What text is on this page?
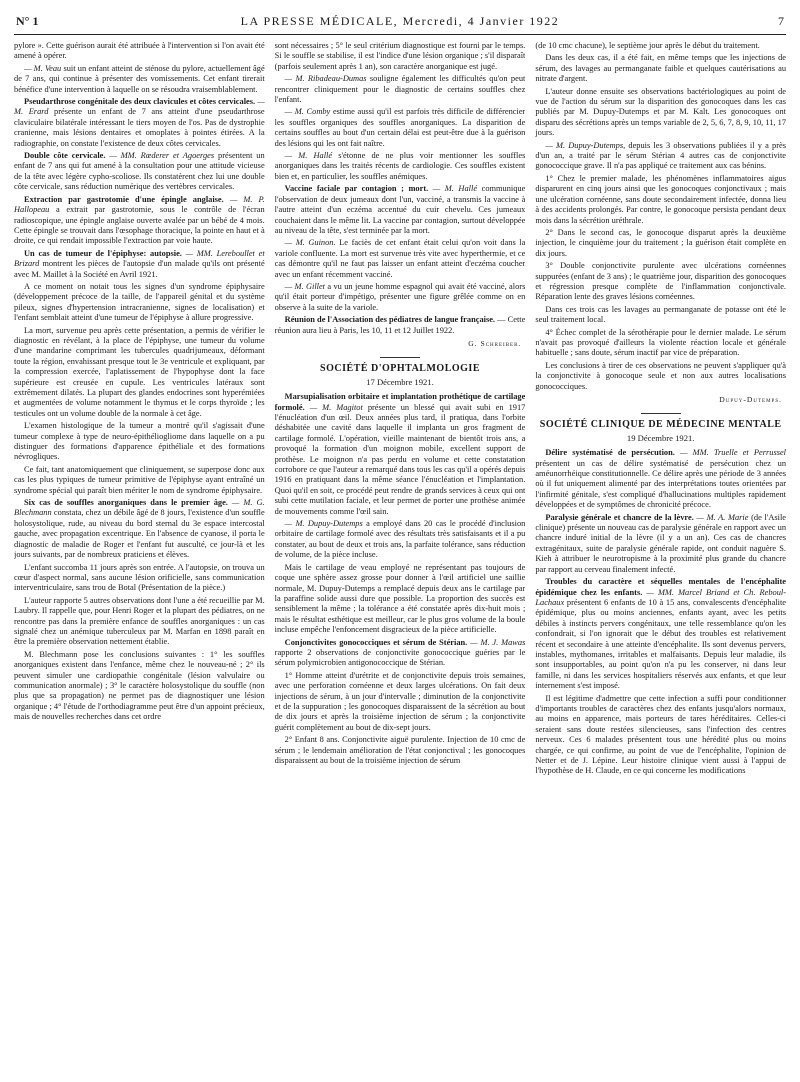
N° 1	LA PRESSE MÉDICALE, Mercredi, 4 Janvier 1922	7

pylore ». Cette guérison aurait été attribuée à l'intervention si l'on avait été amené à opérer.

— M. Veau suit un enfant atteint de sténose du pylore, actuellement âgé de 7 ans, qui continue à présenter des vomissements. Cet enfant tirerait bénéfice d'une intervention à laquelle on se résoudra vraisemblablement.

Pseudarthrose congénitale des deux clavicules et côtes cervicales. — M. Erard présente un enfant de 7 ans atteint d'une pseudarthrose claviculaire bilatérale intéressant le tiers moyen de l'os. Pas de dystrophie cranienne, mais lésions dentaires et omoplates à pointes étirées. A la radiographie, on constate l'existence de deux côtes cervicales.

Double côte cervicale. — MM. Rœderer et Agoerges présentent un enfant de 7 ans qui fut amené à la consultation pour une attitude vicieuse de la tête avec légère cypho-scoliose. Ils constatèrent chez lui une double côte cervicale, sans réduction numérique des vertèbres cervicales.

Extraction par gastrotomie d'une épingle anglaise. — M. P. Hallopeau a extrait par gastrotomie, sous le contrôle de l'écran radioscopique, une épingle anglaise ouverte avalée par un bébé de 4 mois. Cette épingle se trouvait dans l'œsophage thoracique, la pointe en haut et à droite, ce qui rendait impossible l'extraction par voie haute.

Un cas de tumeur de l'épiphyse: autopsie. — MM. Lereboullet et Brizard montrent les pièces de l'autopsie d'un malade qu'ils ont présenté avec M. Maillet à la Société en Avril 1921.

A ce moment on notait tous les signes d'un syndrome épiphysaire (développement précoce de la taille, de l'appareil génital et du système pileux, signes d'hypertension intracranienne, signes de localisation) et l'enfant semblait atteint d'une tumeur de l'épiphyse à allure progressive.

La mort, survenue peu après cette présentation, a permis de vérifier le diagnostic en révélant, à la place de l'épiphyse, une tumeur du volume d'une mandarine comprimant les tubercules quadrijumeaux, déformant toute la région, envahissant presque tout le 3e ventricule et expliquant, par la compression exercée, l'aplatissement de l'hypophyse dont la face supérieure est creusée en cupule. Les ventricules latéraux sont extrêmement dilatés. La plupart des glandes endocrines sont hyperémiées et augmentées de volume notamment le thymus et le corps thyroïde ; les testicules ont un volume double de la normale à cet âge.

L'examen histologique de la tumeur a montré qu'il s'agissait d'une tumeur complexe à type de neuro-épithéliogliome dans laquelle on a pu distinguer des formations d'apparence épithéliale et des formations névrogliques.

Ce fait, tant anatomiquement que cliniquement, se superpose donc aux cas les plus typiques de tumeur primitive de l'épiphyse ayant entraîné un syndrome spécial qui paraît bien mériter le nom de syndrome épiphysaire.

Six cas de souffles anorganiques dans le premier âge. — M. G. Blechmann constata, chez un débile âgé de 8 jours, l'existence d'un souffle holosystolique, rude, au niveau du bord sternal du 3e espace intercostal gauche, avec propagation excentrique. En l'absence de cyanose, il porta le diagnostic de maladie de Roger et l'enfant fut ausculté, ce jour-là et les jours suivants, par de nombreux praticiens et élèves.

L'enfant succomba 11 jours après son entrée. A l'autopsie, on trouva un cœur d'aspect normal, sans aucune lésion orificielle, sans communication interventriculaire, sans trou de Botal (Présentation de la pièce.)

L'auteur rapporte 5 autres observations dont l'une a été recueillie par M. Laubry. Il rappelle que, pour Henri Roger et la plupart des pédiatres, on ne rencontre pas dans la première enfance de souffles anorganiques : un cas signalé chez un anémique tuberculeux par M. Marfan en 1898 paraît en être la première observation nettement établie.

M. Blechmann pose les conclusions suivantes : 1° les souffles anorganiques existent dans l'enfance, même chez le nouveau-né ; 2° ils peuvent simuler une cardiopathie congénitale (lésion valvulaire ou communication anormale) ; 3° le caractère holosystolique du souffle (non plus que sa propagation) ne permet pas de diagnostiquer une lésion organique ; 4° l'étude de l'orthodiagramme peut être d'un appoint précieux, mais de nouvelles recherches dans cet ordre

sont nécessaires ; 5° le seul critérium diagnostique est fourni par le temps. Si le souffle se stabilise, il est l'indice d'une lésion organique ; s'il disparaît (parfois seulement après 1 an), son caractère anorganique est jugé.

— M. Ribadeau-Dumas souligne également les difficultés qu'on peut rencontrer cliniquement pour le diagnostic de certains souffles chez l'enfant.

— M. Comby estime aussi qu'il est parfois très difficile de différencier les souffles organiques des souffles anorganiques. La disparition de certains souffles au bout d'un certain délai est peut-être due à la guérison des lésions qui les ont fait naître.

— M. Hallé s'étonne de ne plus voir mentionner les souffles anorganiques dans les traités récents de cardiologie. Ces souffles existent bien et, en particulier, les souffles anémiques.

Vaccine faciale par contagion ; mort. — M. Hallé communique l'observation de deux jumeaux dont l'un, vacciné, a transmis la vaccine à l'autre atteint d'un eczéma accentué du cuir chevelu. Ces jumeaux couchaient dans le même lit. La vaccine par contagion, surtout développée au niveau de la tête, s'est terminée par la mort.

— M. Guinon. Le faciès de cet enfant était celui qu'on voit dans la variole confluente. La mort est survenue très vite avec hyperthermie, et ce cas démontre qu'il ne faut pas laisser un enfant atteint d'eczéma coucher avec un enfant récemment vacciné.

— M. Gillet a vu un jeune homme espagnol qui avait été vacciné, alors qu'il était porteur d'impétigo, présenter une figure grêlée comme on en observe à la suite de la variole.

Réunion de l'Association des pédiatres de langue française. — Cette réunion aura lieu à Paris, les 10, 11 et 12 Juillet 1922.

G. Schreiber.
SOCIÉTÉ D'OPHTALMOLOGIE
17 Décembre 1921.

Marsupialisation orbitaire et implantation prothétique de cartilage formolé. — M. Magitot présente un blessé qui avait subi en 1917 l'énucléation d'un œil. Deux années plus tard, il pratiqua, dans l'orbite déshabitée une cavité dans laquelle il implanta un gros fragment de cartilage formolé. L'opération, vieille maintenant de bientôt trois ans, a provoqué la formation d'un moignon mobile, excellent support de prothèse. Le moignon n'a pas perdu en volume et cette constatation corrobore ce que l'auteur a remarqué dans tous les cas qu'il a opérés depuis 1916 en pratiquant dans la même séance l'énucléation et l'implantation. Quoi qu'il en soit, ce procédé peut rendre de grands services à ceux qui ont subi cette mutilation faciale, et leur permet de porter une prothèse animée de mouvements comme l'œil sain.

— M. Dupuy-Dutemps a employé dans 20 cas le procédé d'inclusion orbitaire de cartilage formolé avec des résultats très satisfaisants et il a pu constater, au bout de deux et trois ans, la parfaite tolérance, sans réduction de volume, de la pièce incluse.

Mais le cartilage de veau employé ne représentant pas toujours de coque une sphère assez grosse pour donner à l'œil artificiel une saillie normale, M. Dupuy-Dutemps a remplacé depuis deux ans le cartilage par la paraffine solide aussi dure que possible. La proportion des succès est sensiblement la même ; la tolérance a été constatée après dix-huit mois ; mais le résultat esthétique est meilleur, car le plus gros volume de la boule incluse empêche l'enfoncement disgracieux de la pièce artificielle.

Conjonctivites gonococciques et sérum de Stérian. — M. J. Mawas rapporte 2 observations de conjonctivite gonococcique guéries par le sérum polymicrobien antigonococcique de Stérian.

1° Homme atteint d'urétrite et de conjonctivite depuis trois semaines, avec une perforation cornéenne et deux larges ulcérations. On fait deux injections de sérum, à un jour d'intervalle ; diminution de la conjonctivite et de la suppuration ; les gonocoques disparaissent de la sécrétion au bout de dix jours et après la troisième injection de sérum ; la conjonctivite guérit complètement au bout de dix-sept jours.

2° Enfant 8 ans. Conjonctivite aiguë purulente. Injection de 10 cmc de sérum ; le lendemain amélioration de l'état conjonctival ; les gonocoques disparaissent au bout de la troisième injection de sérum

(de 10 cmc chacune), le septième jour après le début du traitement.

Dans les deux cas, il a été fait, en même temps que les injections de sérum, des lavages au permanganate faible et quelques cautérisations au nitrate d'argent.

L'auteur donne ensuite ses observations bactériologiques au point de vue de l'action du sérum sur la disparition des gonocoques dans les cas publiés par M. Dupuy-Dutemps et par M. Kalt. Les gonocoques ont disparu des sécrétions après un temps variable de 2, 5, 6, 7, 8, 9, 10, 11, 17 jours.

— M. Dupuy-Dutemps, depuis les 3 observations publiées il y a près d'un an, a traité par le sérum Stérian 4 autres cas de conjonctivite gonococcique grave. Il n'a pas appliqué ce traitement aux cas bénins.

1° Chez le premier malade, les phénomènes inflammatoires aigus disparurent en cinq jours ainsi que les gonocoques conjonctivaux ; mais une ulcération cornéenne, sans doute secondairement infectée, donna lieu à des accidents prolongés. Par contre, le gonocoque persista pendant deux mois dans la sécrétion uréthrale.

2° Dans le second cas, le gonocoque disparut après la deuxième injection, le cinquième jour du traitement ; la guérison était complète en dix jours.

3° Double conjonctivite purulente avec ulcérations cornéennes suppurées (enfant de 3 ans) ; le quatrième jour, disparition des gonocoques et régression presque complète de l'inflammation conjonctivale. Réparation lente des graves lésions cornéennes.

Dans ces trois cas les lavages au permanganate de potasse ont été le seul traitement local.

4° Échec complet de la sérothérapie pour le dernier malade. Le sérum n'avait pas provoqué d'ailleurs la violente réaction locale et générale habituelle ; sans doute, sérum inactif par vice de préparation.

Les conclusions à tirer de ces observations ne peuvent s'appliquer qu'à la conjonctivite à gonocoque seule et non aux autres localisations gonococciques.

Dupuy-Dutemps.
SOCIÉTÉ CLINIQUE DE MÉDECINE MENTALE
19 Décembre 1921.

Délire systématisé de persécution. — MM. Truelle et Perrussel présentent un cas de délire systématisé de persécution chez un améunorrhéique constitutionnelle. Ce délire après une période de 3 années où il fut uniquement alimenté par des interprétations toutes orientées par l'infirmité génitale, s'est compliqué d'hallucinations multiples rapidement développées et de symptômes de chronicité précoce.

Paralysie générale et chancre de la lèvre. — M. A. Marie (de l'Asile clinique) présente un nouveau cas de paralysie générale en rapport avec un chancre induré initial de la lèvre (il y a un an). Ces cas de chancres extragénitaux, suite de paralysie générale rapide, ont conduit naguère S. Kieh à attribuer le neurotropisme à la proximité plus grande du chancre par rapport au cerveau finalement infecté.

Troubles du caractère et séquelles mentales de l'encéphalite épidémique chez les enfants. — MM. Marcel Briand et Ch. Reboul-Lachaux présentent 6 enfants de 10 à 15 ans, convalescents d'encéphalite épidémique, plus ou moins anciennes, enfants ayant, avec les petits débiles à instincts pervers congénitaux, une telle ressemblance qu'on les confondrait, si l'on ignorait que le début des troubles est relativement récent et secondaire à une atteinte d'encéphalite. Ils sont devenus pervers, instables, mythomanes, irritables et malfaisants. Depuis leur maladie, ils sont insupportables, au point qu'on n'a pu les conserver, ni dans leur famille, ni dans les services hospitaliers réservés aux enfants, et que leur internement s'est imposé.

Il est légitime d'admettre que cette infection a suffi pour conditionner d'importants troubles de caractères chez des enfants jusqu'alors normaux, au moins en apparence, mais porteurs de tares héréditaires. Celles-ci seraient sans doute restées silencieuses, sans l'infection des centres nerveux. Ces 6 malades présentent tous une hérédité plus ou moins chargée, ce qui confirme, au point de vue de l'encéphalite, l'opinion de Netter et de J. Lépine. Leur histoire clinique vient aussi à l'appui de l'hypothèse de H. Claude, en ce qui concerne les modifications
